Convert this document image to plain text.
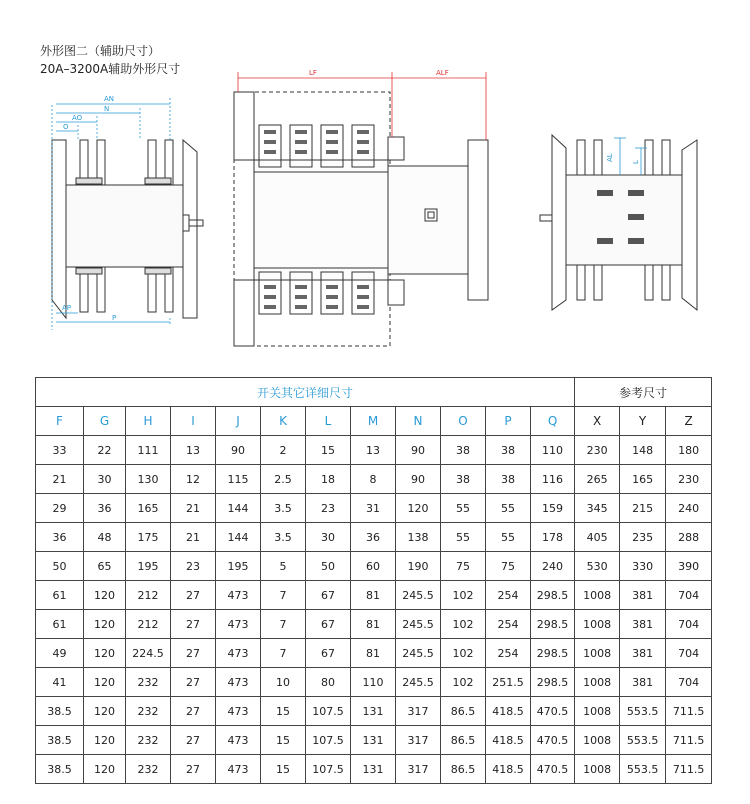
外形图二（辅助尺寸）
20A–3200A辅助外形尺寸
AN
N
AO
O
AP
P
LF	ALF
AL
L
开关其它详细尺寸												参考尺寸		
F	G	H	I	J	K	L	M	N	O	P	Q	X	Y	Z
33	22	111	13	90	2	15	13	90	38	38	110	230	148	180
21	30	130	12	115	2.5	18	8	90	38	38	116	265	165	230
29	36	165	21	144	3.5	23	31	120	55	55	159	345	215	240
36	48	175	21	144	3.5	30	36	138	55	55	178	405	235	288
50	65	195	23	195	5	50	60	190	75	75	240	530	330	390
61	120	212	27	473	7	67	81	245.5	102	254	298.5	1008	381	704
61	120	212	27	473	7	67	81	245.5	102	254	298.5	1008	381	704
49	120	224.5	27	473	7	67	81	245.5	102	254	298.5	1008	381	704
41	120	232	27	473	10	80	110	245.5	102	251.5	298.5	1008	381	704
38.5	120	232	27	473	15	107.5	131	317	86.5	418.5	470.5	1008	553.5	711.5
38.5	120	232	27	473	15	107.5	131	317	86.5	418.5	470.5	1008	553.5	711.5
38.5	120	232	27	473	15	107.5	131	317	86.5	418.5	470.5	1008	553.5	711.5
